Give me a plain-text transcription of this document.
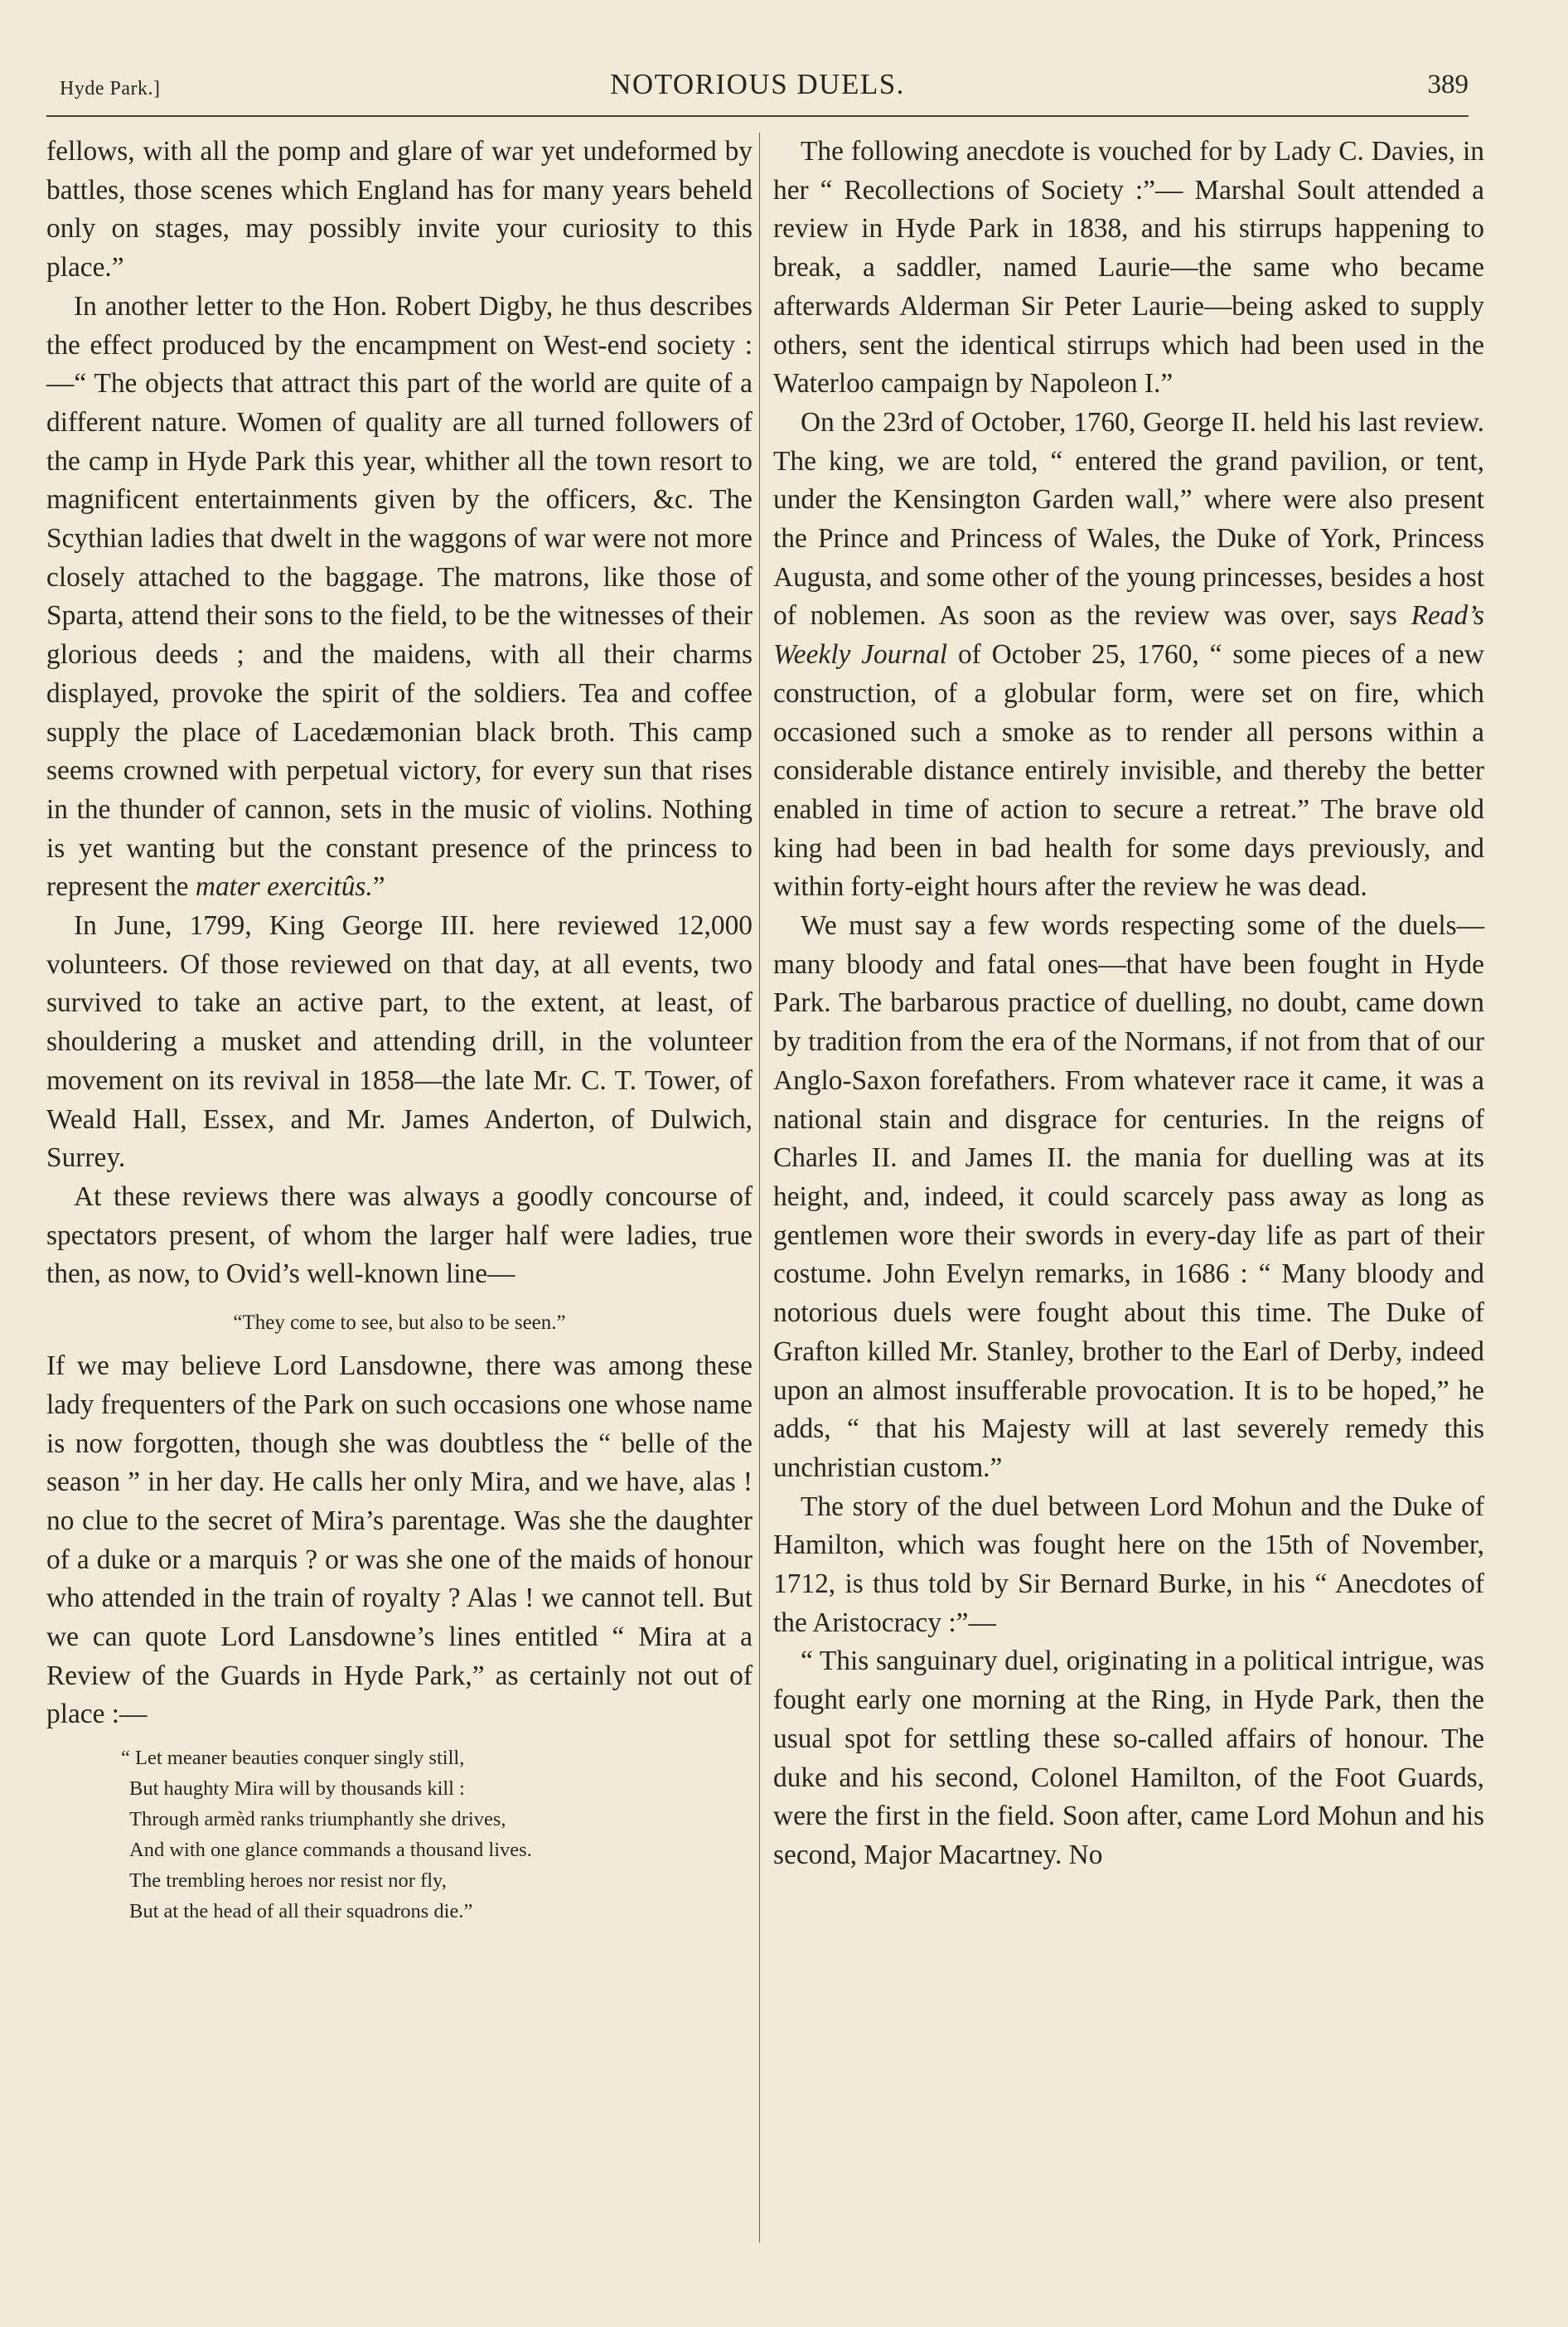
Hyde Park.]	NOTORIOUS DUELS.	389

fellows, with all the pomp and glare of war yet undeformed by battles, those scenes which England has for many years beheld only on stages, may possibly invite your curiosity to this place.”

In another letter to the Hon. Robert Digby, he thus describes the effect produced by the encampment on West-end society :—“ The objects that attract this part of the world are quite of a different nature. Women of quality are all turned followers of the camp in Hyde Park this year, whither all the town resort to magnificent entertainments given by the officers, &c. The Scythian ladies that dwelt in the waggons of war were not more closely attached to the baggage. The matrons, like those of Sparta, attend their sons to the field, to be the witnesses of their glorious deeds ; and the maidens, with all their charms displayed, provoke the spirit of the soldiers. Tea and coffee supply the place of Lacedæmonian black broth. This camp seems crowned with perpetual victory, for every sun that rises in the thunder of cannon, sets in the music of violins. Nothing is yet wanting but the constant presence of the princess to represent the mater exercitûs.”

In June, 1799, King George III. here reviewed 12,000 volunteers. Of those reviewed on that day, at all events, two survived to take an active part, to the extent, at least, of shouldering a musket and attending drill, in the volunteer movement on its revival in 1858—the late Mr. C. T. Tower, of Weald Hall, Essex, and Mr. James Anderton, of Dulwich, Surrey.

At these reviews there was always a goodly concourse of spectators present, of whom the larger half were ladies, true then, as now, to Ovid’s well-known line—

“They come to see, but also to be seen.”

If we may believe Lord Lansdowne, there was among these lady frequenters of the Park on such occasions one whose name is now forgotten, though she was doubtless the “ belle of the season ” in her day. He calls her only Mira, and we have, alas ! no clue to the secret of Mira’s parentage. Was she the daughter of a duke or a marquis ? or was she one of the maids of honour who attended in the train of royalty ? Alas ! we cannot tell. But we can quote Lord Lansdowne’s lines entitled “ Mira at a Review of the Guards in Hyde Park,” as certainly not out of place :—

“ Let meaner beauties conquer singly still,
But haughty Mira will by thousands kill :
Through armèd ranks triumphantly she drives,
And with one glance commands a thousand lives.
The trembling heroes nor resist nor fly,
But at the head of all their squadrons die.”

The following anecdote is vouched for by Lady C. Davies, in her “ Recollections of Society :”— Marshal Soult attended a review in Hyde Park in 1838, and his stirrups happening to break, a saddler, named Laurie—the same who became afterwards Alderman Sir Peter Laurie—being asked to supply others, sent the identical stirrups which had been used in the Waterloo campaign by Napoleon I.”

On the 23rd of October, 1760, George II. held his last review. The king, we are told, “ entered the grand pavilion, or tent, under the Kensington Garden wall,” where were also present the Prince and Princess of Wales, the Duke of York, Princess Augusta, and some other of the young princesses, besides a host of noblemen. As soon as the review was over, says Read’s Weekly Journal of October 25, 1760, “ some pieces of a new construction, of a globular form, were set on fire, which occasioned such a smoke as to render all persons within a considerable distance entirely invisible, and thereby the better enabled in time of action to secure a retreat.” The brave old king had been in bad health for some days previously, and within forty-eight hours after the review he was dead.

We must say a few words respecting some of the duels—many bloody and fatal ones—that have been fought in Hyde Park. The barbarous practice of duelling, no doubt, came down by tradition from the era of the Normans, if not from that of our Anglo-Saxon forefathers. From whatever race it came, it was a national stain and disgrace for centuries. In the reigns of Charles II. and James II. the mania for duelling was at its height, and, indeed, it could scarcely pass away as long as gentlemen wore their swords in every-day life as part of their costume. John Evelyn remarks, in 1686 : “ Many bloody and notorious duels were fought about this time. The Duke of Grafton killed Mr. Stanley, brother to the Earl of Derby, indeed upon an almost insufferable provocation. It is to be hoped,” he adds, “ that his Majesty will at last severely remedy this unchristian custom.”

The story of the duel between Lord Mohun and the Duke of Hamilton, which was fought here on the 15th of November, 1712, is thus told by Sir Bernard Burke, in his “ Anecdotes of the Aristocracy :”—

“ This sanguinary duel, originating in a political intrigue, was fought early one morning at the Ring, in Hyde Park, then the usual spot for settling these so-called affairs of honour. The duke and his second, Colonel Hamilton, of the Foot Guards, were the first in the field. Soon after, came Lord Mohun and his second, Major Macartney. No
